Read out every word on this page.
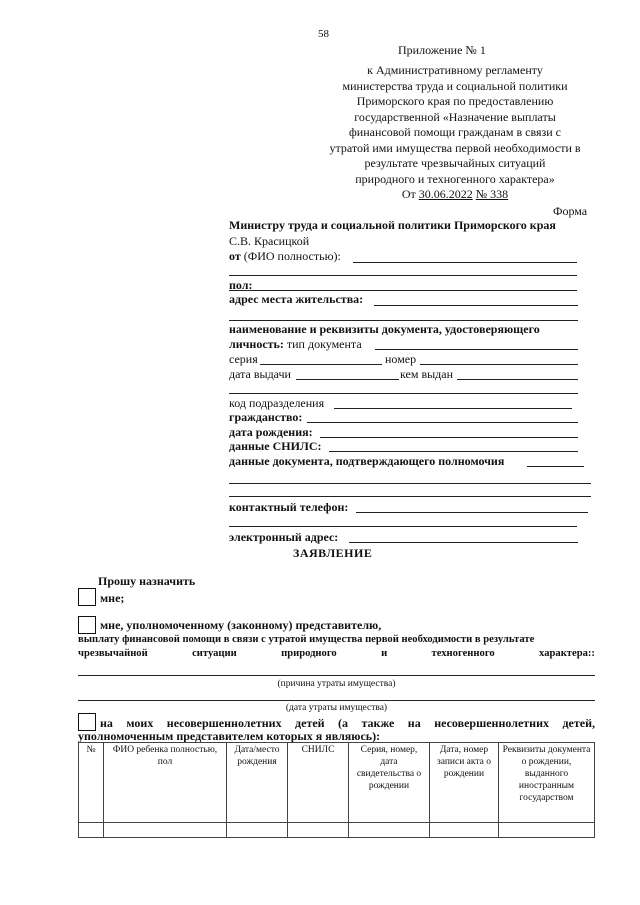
58
Приложение № 1
к Административному регламенту
министерства труда и социальной политики
Приморского края по предоставлению
государственной «Назначение выплаты
финансовой помощи гражданам в связи с
утратой ими имущества первой необходимости в
результате чрезвычайных ситуаций
природного и техногенного характера»
От 30.06.2022 № 338
Форма
Министру труда и социальной политики Приморского края
С.В. Красицкой
от (ФИО полностью):
пол:
адрес места жительства:
наименование и реквизиты документа, удостоверяющего
личность: тип документа
серия	номер
дата выдачи	кем выдан
код подразделения
гражданство:
дата рождения:
данные СНИЛС:
данные документа, подтверждающего полномочия
контактный телефон:
электронный адрес:
ЗАЯВЛЕНИЕ
Прошу назначить
мне;
мне, уполномоченному (законному) представителю,
выплату финансовой помощи в связи с утратой имущества первой необходимости в результате
чрезвычайной	ситуации	природного	и	техногенного	характера::
(причина утраты имущества)
(дата утраты имущества)
на моих несовершеннолетних детей (а также на несовершеннолетних детей,
уполномоченным представителем которых я являюсь):
№	ФИО ребенка полностью, пол	Дата/место рождения	СНИЛС	Серия, номер, дата свидетельства о рождении	Дата, номер записи акта о рождении	Реквизиты документа о рождении, выданного иностранным государством
